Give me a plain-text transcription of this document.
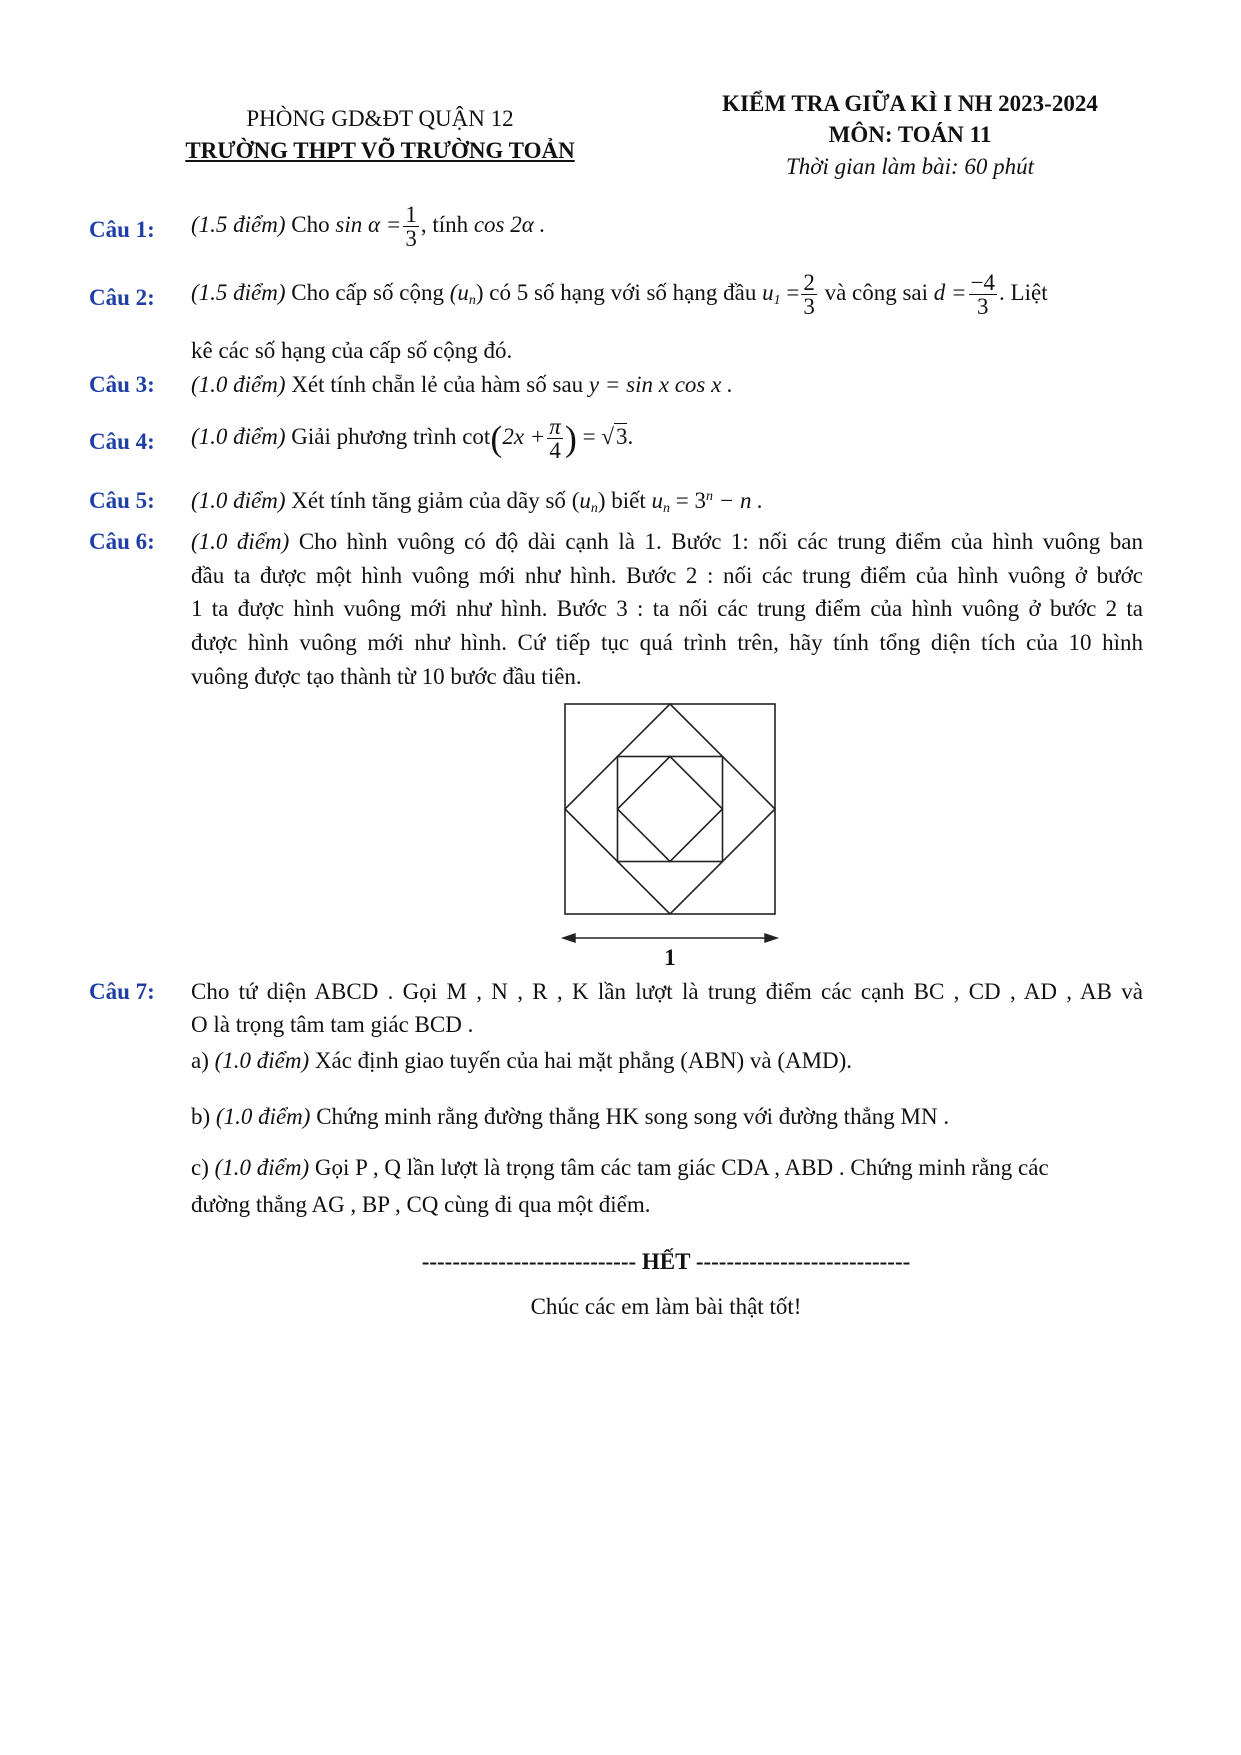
PHÒNG GD&ĐT QUẬN 12
TRƯỜNG THPT VÕ TRƯỜNG TOẢN
KIỂM TRA GIỮA KÌ I NH 2023-2024
MÔN: TOÁN 11
Thời gian làm bài: 60 phút
Câu 1: (1.5 điểm) Cho $\sin \alpha = \frac{1}{3}$ , tính cos 2α .
Câu 2: (1.5 điểm) Cho cấp số cộng $(u_n)$ có 5 số hạng với số hạng đầu $u_1 = \frac{2}{3}$ và công sai $d = \frac{-4}{3}$ . Liệt
kê các số hạng của cấp số cộng đó.
Câu 3: (1.0 điểm) Xét tính chẵn lẻ của hàm số sau y = sin x cos x .
Câu 4: (1.0 điểm) Giải phương trình $\cot(2x + \frac{\pi}{4}$ ) = √3.
Câu 5: (1.0 điểm) Xét tính tăng giảm của dãy số $(u_n)$ biết $u_n = 3^n - n$ .
Câu 6: (1.0 điểm) Cho hình vuông có độ dài cạnh là 1. Bước 1: nối các trung điểm của hình vuông ban
đầu ta được một hình vuông mới như hình. Bước 2 : nối các trung điểm của hình vuông ở bước
1 ta được hình vuông mới như hình. Bước 3 : ta nối các trung điểm của hình vuông ở bước 2 ta
được hình vuông mới như hình. Cứ tiếp tục quá trình trên, hãy tính tổng diện tích của 10 hình
vuông được tạo thành từ 10 bước đầu tiên.
1
Câu 7: Cho tứ diện ABCD . Gọi M , N , R , K lần lượt là trung điểm các cạnh BC , CD , AD , AB và
O là trọng tâm tam giác BCD .
a) (1.0 điểm) Xác định giao tuyến của hai mặt phẳng (ABN) và (AMD).
b) (1.0 điểm) Chứng minh rằng đường thẳng HK song song với đường thẳng MN .
c) (1.0 điểm) Gọi P , Q lần lượt là trọng tâm các tam giác CDA , ABD . Chứng minh rằng các
đường thẳng AG , BP , CQ cùng đi qua một điểm.
---------------------------- HẾT ----------------------------
Chúc các em làm bài thật tốt!
